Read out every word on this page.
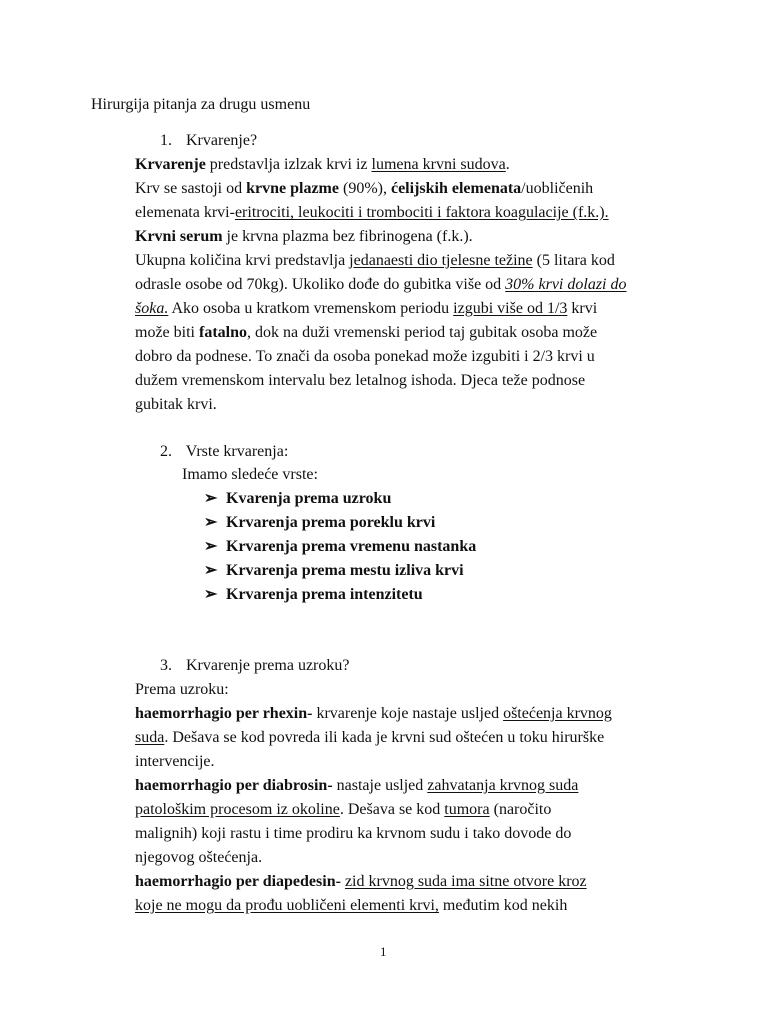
Hirurgija pitanja za drugu usmenu
1. Krvarenje?
Krvarenje predstavlja izlzak krvi iz lumena krvni sudova.
Krv se sastoji od krvne plazme (90%), ćelijskih elemenata/uobličenih
elemenata krvi-eritrociti, leukociti i trombociti i faktora koagulacije (f.k.).
Krvni serum je krvna plazma bez fibrinogena (f.k.).
Ukupna količina krvi predstavlja jedanaesti dio tjelesne težine (5 litara kod
odrasle osobe od 70kg). Ukoliko dođe do gubitka više od 30% krvi dolazi do
šoka. Ako osoba u kratkom vremenskom periodu izgubi više od 1/3 krvi
može biti fatalno, dok na duži vremenski period taj gubitak osoba može
dobro da podnese. To znači da osoba ponekad može izgubiti i 2/3 krvi u
dužem vremenskom intervalu bez letalnog ishoda. Djeca teže podnose
gubitak krvi.
2. Vrste krvarenja:
Imamo sledeće vrste:
➢ Kvarenja prema uzroku
➢ Krvarenja prema poreklu krvi
➢ Krvarenja prema vremenu nastanka
➢ Krvarenja prema mestu izliva krvi
➢ Krvarenja prema intenzitetu
3. Krvarenje prema uzroku?
Prema uzroku:
haemorrhagio per rhexin- krvarenje koje nastaje usljed oštećenja krvnog
suda. Dešava se kod povreda ili kada je krvni sud oštećen u toku hirurške
intervencije.
haemorrhagio per diabrosin- nastaje usljed zahvatanja krvnog suda
patološkim procesom iz okoline. Dešava se kod tumora (naročito
malignih) koji rastu i time prodiru ka krvnom sudu i tako dovode do
njegovog oštećenja.
haemorrhagio per diapedesin- zid krvnog suda ima sitne otvore kroz
koje ne mogu da prođu uobličeni elementi krvi, međutim kod nekih
1
